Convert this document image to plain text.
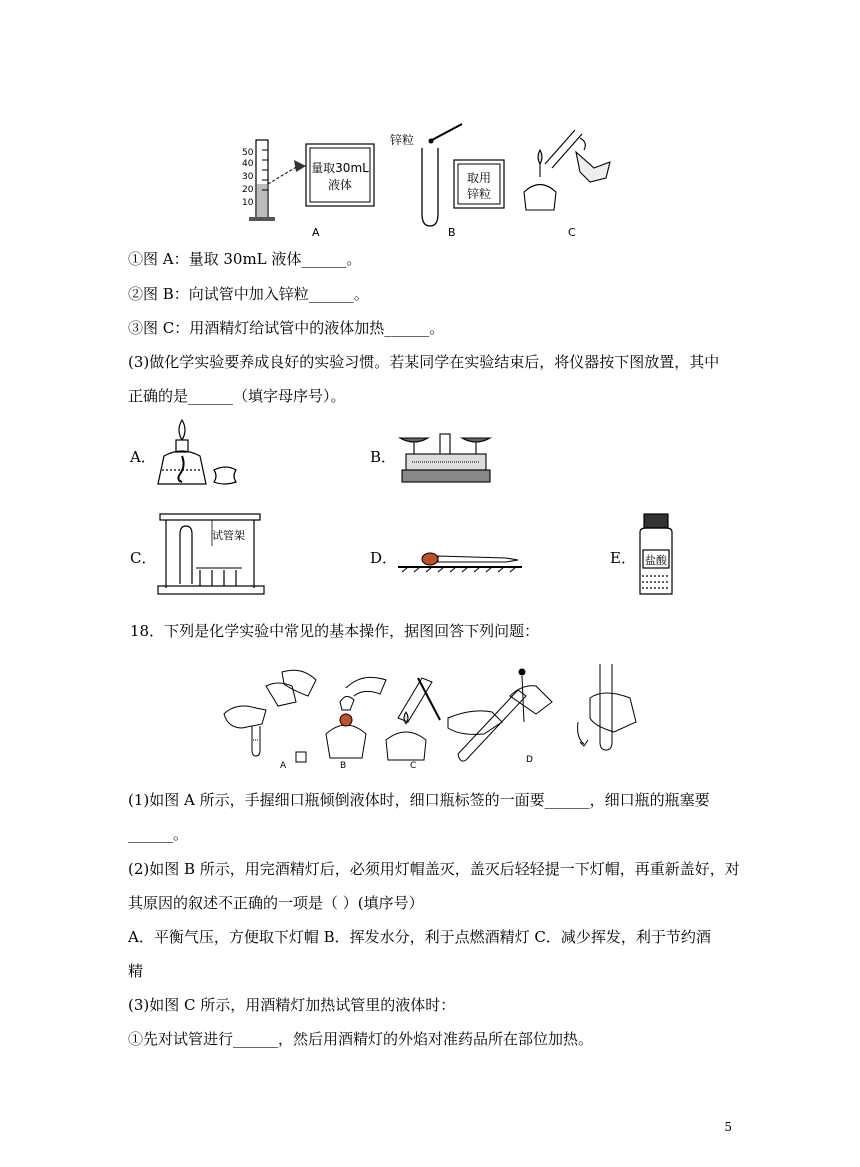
50
40
30
20
10
量取30mL
液体
锌粒
取用
锌粒
A	B	C
①图 A：量取 30mL 液体______。
②图 B：向试管中加入锌粒______。
③图 C：用酒精灯给试管中的液体加热______。
(3)做化学实验要养成良好的实验习惯。若某同学在实验结束后，将仪器按下图放置，其中
正确的是______（填字母序号）。
A．	B．
C．
试管架
D．	E． 盐酸
18．下列是化学实验中常见的基本操作，据图回答下列问题：
A	B	C
D
(1)如图 A 所示，手握细口瓶倾倒液体时，细口瓶标签的一面要______，细口瓶的瓶塞要
______。
(2)如图 B 所示，用完酒精灯后，必须用灯帽盖灭，盖灭后轻轻提一下灯帽，再重新盖好，对
其原因的叙述不正确的一项是（ ）(填序号）
A．平衡气压，方便取下灯帽 B．挥发水分，利于点燃酒精灯 C．减少挥发，利于节约酒
精
(3)如图 C 所示，用酒精灯加热试管里的液体时：
①先对试管进行______，然后用酒精灯的外焰对准药品所在部位加热。
5
